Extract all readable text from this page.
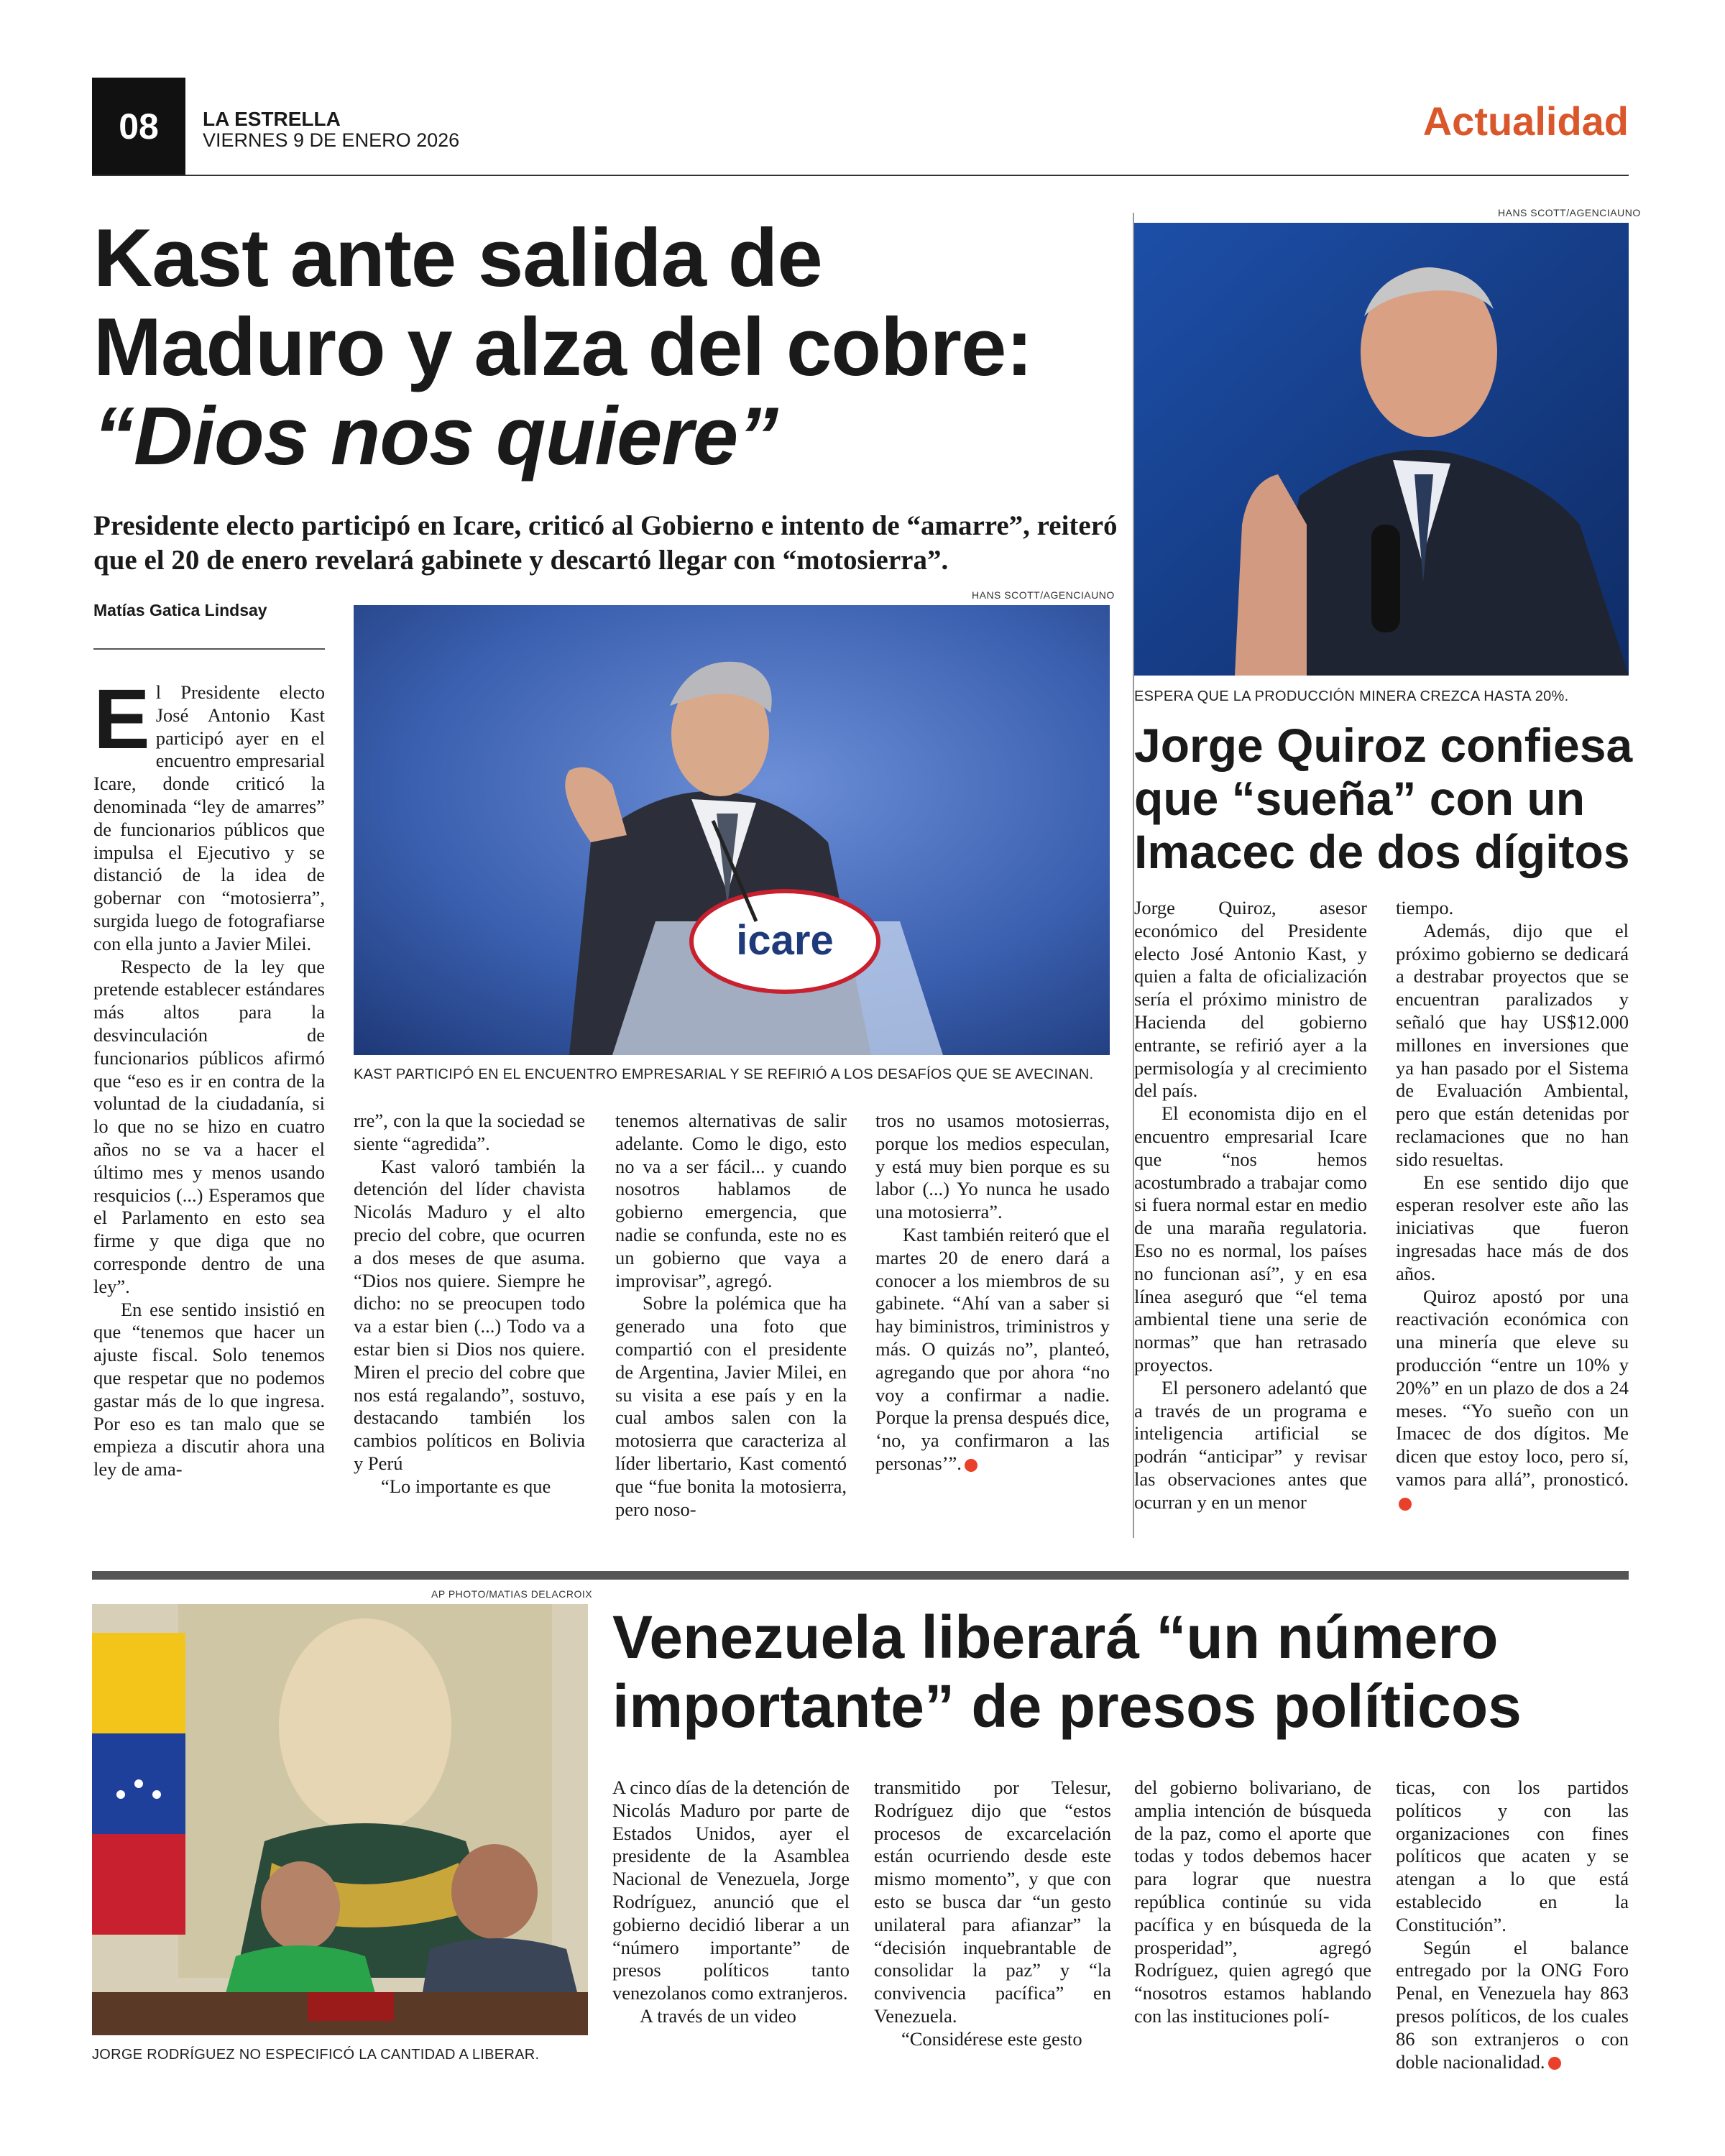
08	LA ESTRELLA
VIERNES 9 DE ENERO 2026	Actualidad
Kast ante salida de
Maduro y alza del cobre:
“Dios nos quiere”
Presidente electo participó en Icare, criticó al Gobierno e intento de “amarre”, reiteró que el 20 de enero revelará gabinete y descartó llegar con “motosierra”.
Matías Gatica Lindsay
HANS SCOTT/AGENCIAUNO
icare
KAST PARTICIPÓ EN EL ENCUENTRO EMPRESARIAL Y SE REFIRIÓ A LOS DESAFÍOS QUE SE AVECINAN.

El Presidente electo José Antonio Kast participó ayer en el encuentro empresarial Icare, donde criticó la denominada “ley de amarres” de funcionarios públicos que impulsa el Ejecutivo y se distanció de la idea de gobernar con “motosierra”, surgida luego de fotografiarse con ella junto a Javier Milei.

Respecto de la ley que pretende establecer estándares más altos para la desvinculación de funcionarios públicos afirmó que “eso es ir en contra de la voluntad de la ciudadanía, si lo que no se hizo en cuatro años no se va a hacer el último mes y menos usando resquicios (...) Esperamos que el Parlamento en esto sea firme y que diga que no corresponde dentro de una ley”.

En ese sentido insistió en que “tenemos que hacer un ajuste fiscal. Solo tenemos que respetar que no podemos gastar más de lo que ingresa. Por eso es tan malo que se empieza a discutir ahora una ley de ama-

rre”, con la que la sociedad se siente “agredida”.

Kast valoró también la detención del líder chavista Nicolás Maduro y el alto precio del cobre, que ocurren a dos meses de que asuma. “Dios nos quiere. Siempre he dicho: no se preocupen todo va a estar bien (...) Todo va a estar bien si Dios nos quiere. Miren el precio del cobre que nos está regalando”, sostuvo, destacando también los cambios políticos en Bolivia y Perú

“Lo importante es que

tenemos alternativas de salir adelante. Como le digo, esto no va a ser fácil... y cuando nosotros hablamos de gobierno emergencia, que nadie se confunda, este no es un gobierno que vaya a improvisar”, agregó.

Sobre la polémica que ha generado una foto que compartió con el presidente de Argentina, Javier Milei, en su visita a ese país y en la cual ambos salen con la motosierra que caracteriza al líder libertario, Kast comentó que “fue bonita la motosierra, pero noso-

tros no usamos motosierras, porque los medios especulan, y está muy bien porque es su labor (...) Yo nunca he usado una motosierra”.

Kast también reiteró que el martes 20 de enero dará a conocer a los miembros de su gabinete. “Ahí van a saber si hay biministros, triministros y más. O quizás no”, planteó, agregando que por ahora “no voy a confirmar a nadie. Porque la prensa después dice, ‘no, ya confirmaron a las personas’”.

HANS SCOTT/AGENCIAUNO
ESPERA QUE LA PRODUCCIÓN MINERA CREZCA HASTA 20%.
Jorge Quiroz confiesa que “sueña” con un Imacec de dos dígitos

Jorge Quiroz, asesor económico del Presidente electo José Antonio Kast, y quien a falta de oficialización sería el próximo ministro de Hacienda del gobierno entrante, se refirió ayer a la permisología y al crecimiento del país.

El economista dijo en el encuentro empresarial Icare que “nos hemos acostumbrado a trabajar como si fuera normal estar en medio de una maraña regulatoria. Eso no es normal, los países no funcionan así”, y en esa línea aseguró que “el tema ambiental tiene una serie de normas” que han retrasado proyectos.

El personero adelantó que a través de un programa e inteligencia artificial se podrán “anticipar” y revisar las observaciones antes que ocurran y en un menor

tiempo.

Además, dijo que el próximo gobierno se dedicará a destrabar proyectos que se encuentran paralizados y señaló que hay US$12.000 millones en inversiones que ya han pasado por el Sistema de Evaluación Ambiental, pero que están detenidas por reclamaciones que no han sido resueltas.

En ese sentido dijo que esperan resolver este año las iniciativas que fueron ingresadas hace más de dos años.

Quiroz apostó por una reactivación económica con una minería que eleve su producción “entre un 10% y 20%” en un plazo de dos a 24 meses. “Yo sueño con un Imacec de dos dígitos. Me dicen que estoy loco, pero sí, vamos para allá”, pronosticó.

AP PHOTO/MATIAS DELACROIX
JORGE RODRÍGUEZ NO ESPECIFICÓ LA CANTIDAD A LIBERAR.
Venezuela liberará “un número importante” de presos políticos

A cinco días de la detención de Nicolás Maduro por parte de Estados Unidos, ayer el presidente de la Asamblea Nacional de Venezuela, Jorge Rodríguez, anunció que el gobierno decidió liberar a un “número importante” de presos políticos tanto venezolanos como extranjeros.

A través de un video

transmitido por Telesur, Rodríguez dijo que “estos procesos de excarcelación están ocurriendo desde este mismo momento”, y que con esto se busca dar “un gesto unilateral para afianzar” la “decisión inquebrantable de consolidar la paz” y “la convivencia pacífica” en Venezuela.

“Considérese este gesto

del gobierno bolivariano, de amplia intención de búsqueda de la paz, como el aporte que todas y todos debemos hacer para lograr que nuestra república continúe su vida pacífica y en búsqueda de la prosperidad”, agregó Rodríguez, quien agregó que “nosotros estamos hablando con las instituciones polí-

ticas, con los partidos políticos y con las organizaciones con fines políticos que acaten y se atengan a lo que está establecido en la Constitución”.

Según el balance entregado por la ONG Foro Penal, en Venezuela hay 863 presos políticos, de los cuales 86 son extranjeros o con doble nacionalidad.
